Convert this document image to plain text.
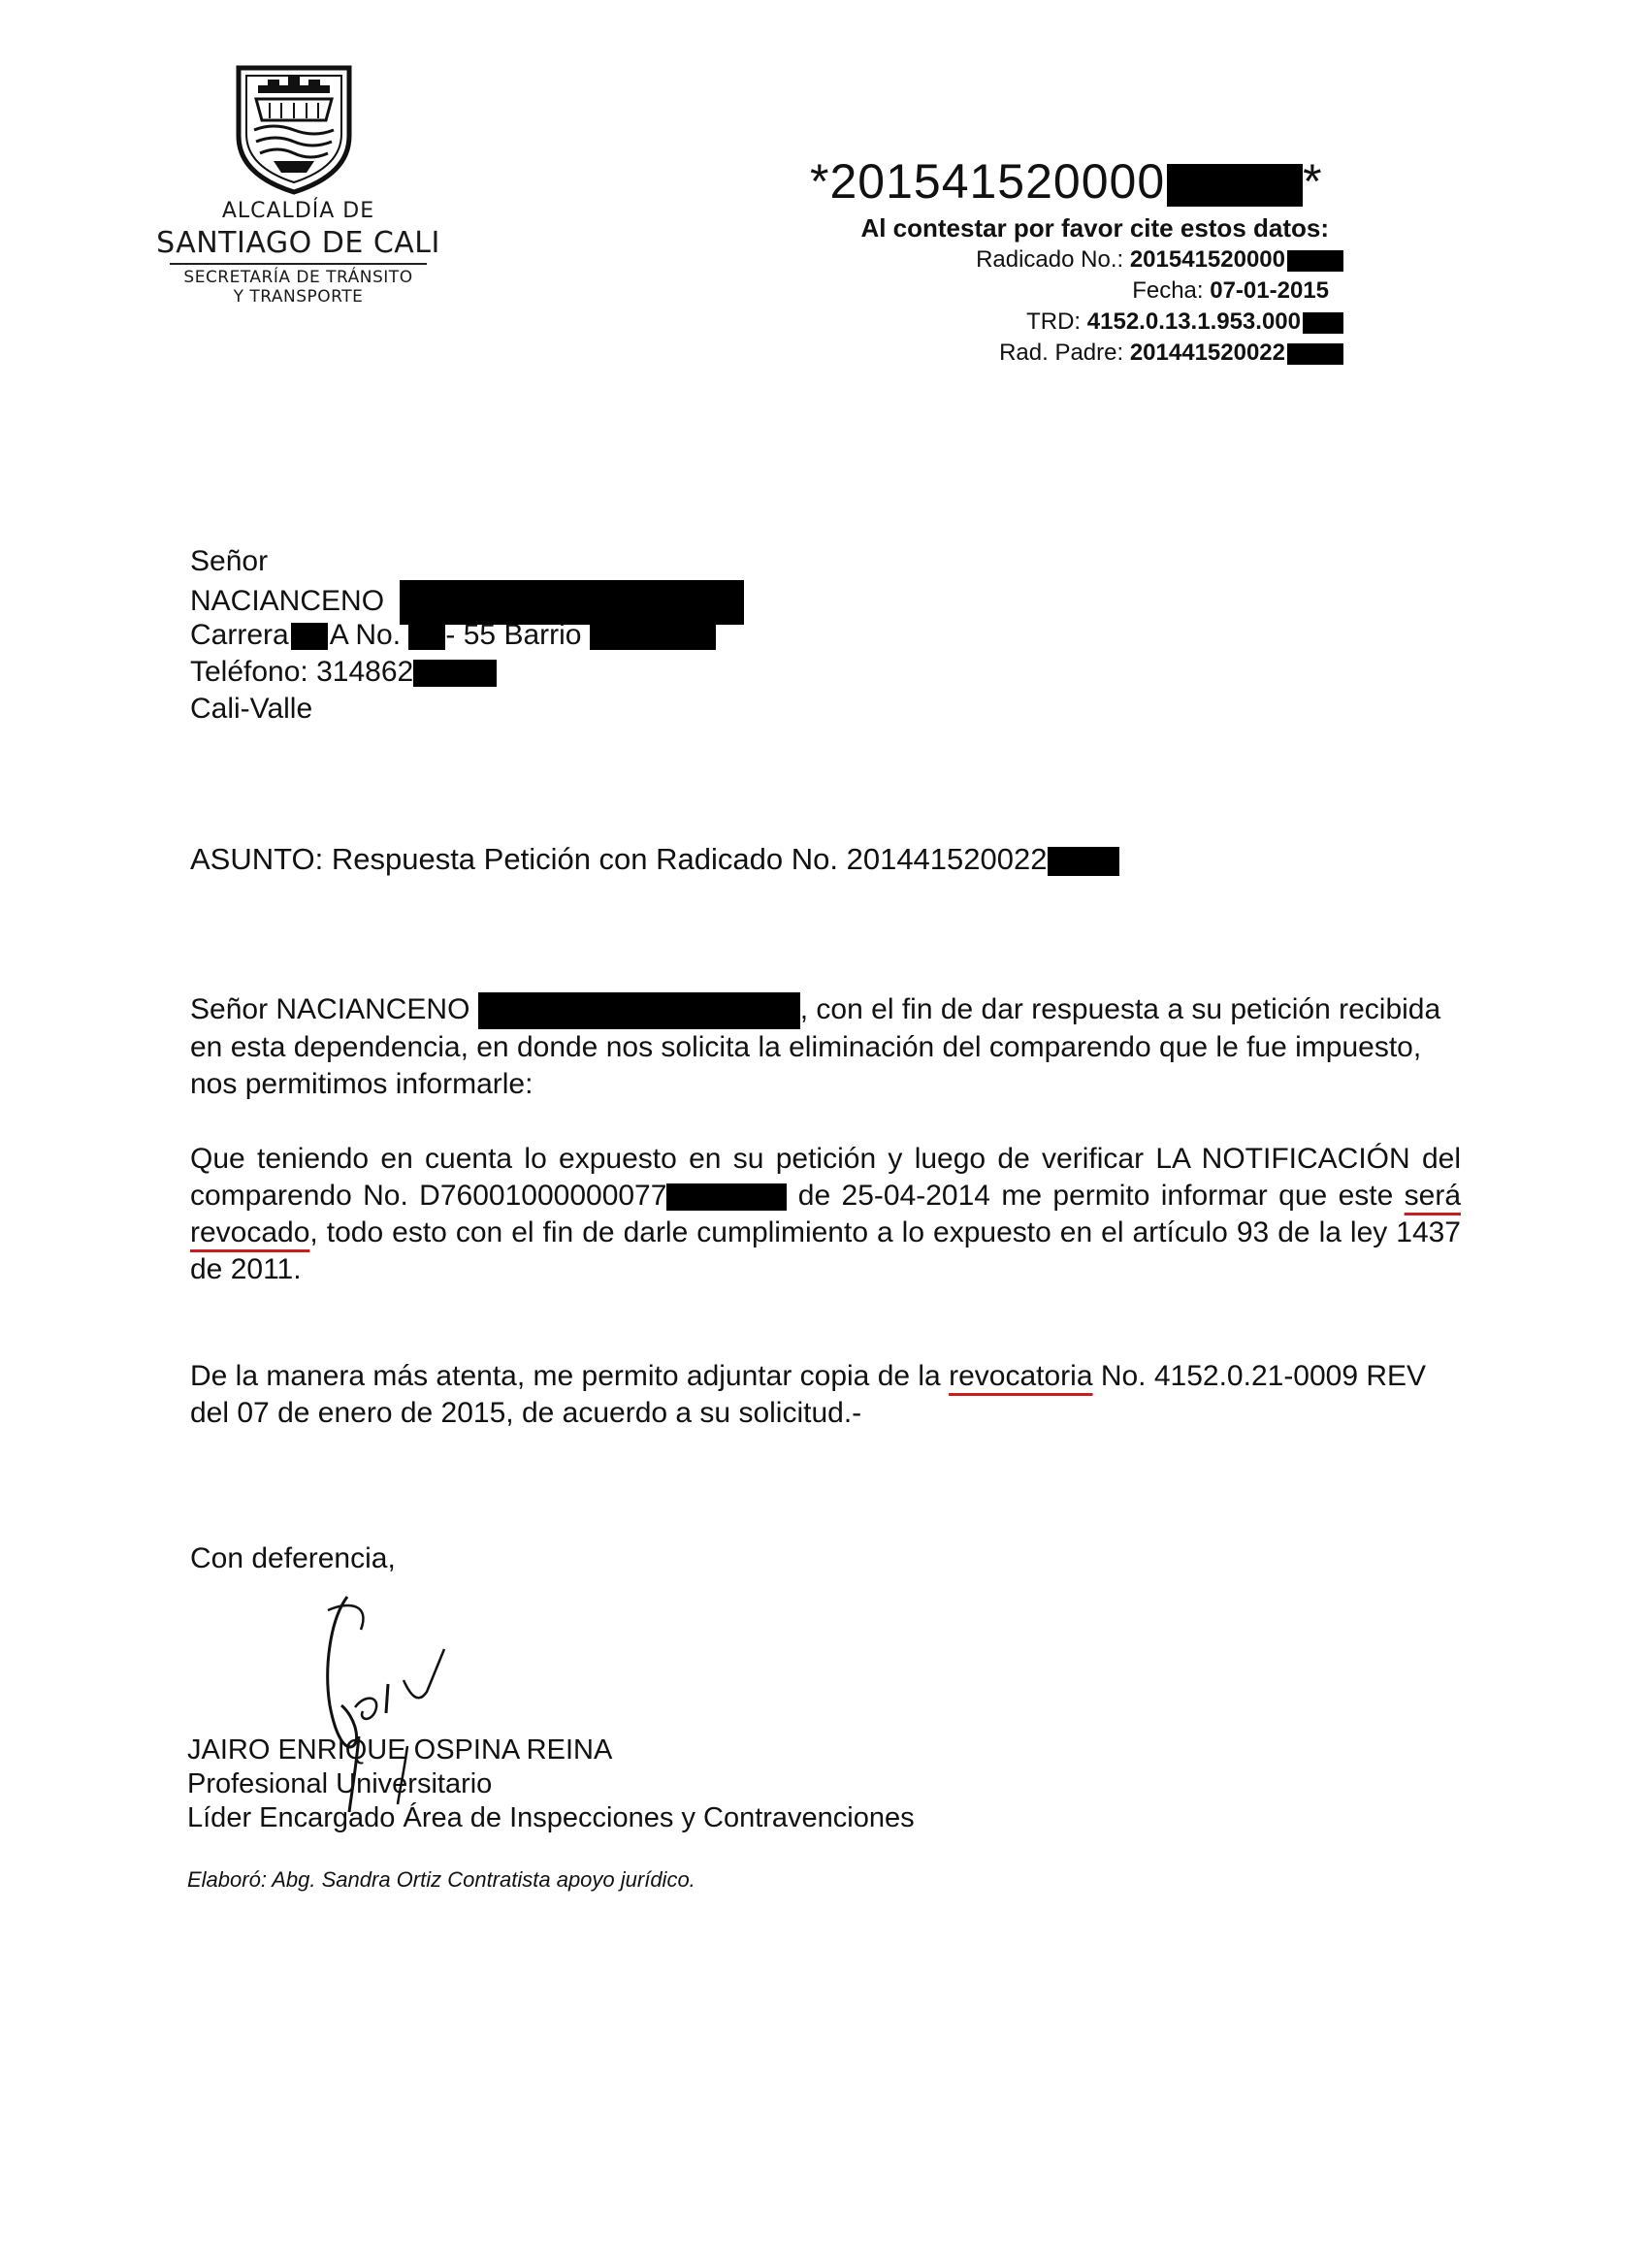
ALCALDÍA DE
SANTIAGO DE CALI
SECRETARÍA DE TRÁNSITO
Y TRANSPORTE
*201541520000	*
Al contestar por favor cite estos datos:
Radicado No.: 201541520000
Fecha: 07-01-2015
TRD: 4152.0.13.1.953.000
Rad. Padre: 201441520022
Señor
NACIANCENO
Carrera A No. - 55 Barrio
Teléfono: 314862
Cali-Valle
ASUNTO: Respuesta Petición con Radicado No. 201441520022
Señor NACIANCENO	, con el fin de dar respuesta a su petición recibida en esta dependencia, en donde nos solicita la eliminación del comparendo que le fue impuesto, nos permitimos informarle:
Que teniendo en cuenta lo expuesto en su petición y luego de verificar LA NOTIFICACIÓN del comparendo No. D76001000000077	de 25-04-2014 me permito informar que este será revocado, todo esto con el fin de darle cumplimiento a lo expuesto en el artículo 93 de la ley 1437 de 2011.
De la manera más atenta, me permito adjuntar copia de la revocatoria No. 4152.0.21-0009 REV del 07 de enero de 2015, de acuerdo a su solicitud.-
Con deferencia,
JAIRO ENRIQUE OSPINA REINA
Profesional Universitario
Líder Encargado Área de Inspecciones y Contravenciones
Elaboró: Abg. Sandra Ortiz Contratista apoyo jurídico.
